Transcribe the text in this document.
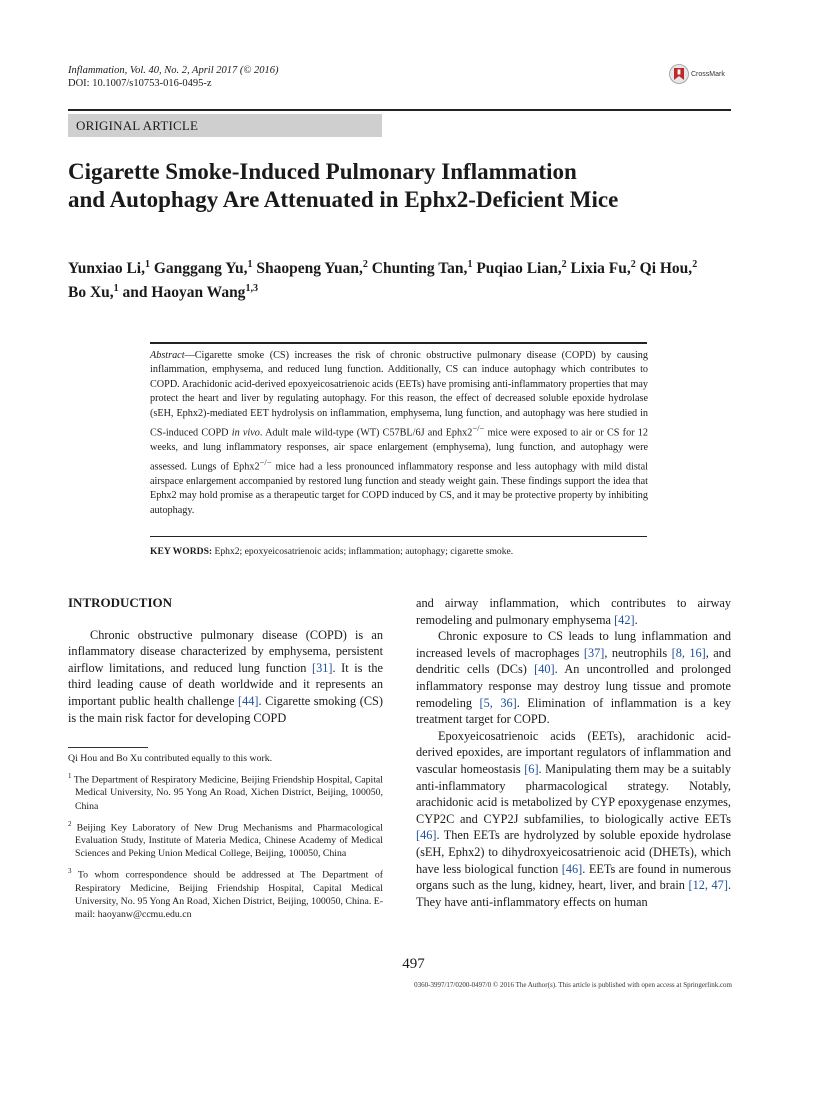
Inflammation, Vol. 40, No. 2, April 2017 (© 2016)
DOI: 10.1007/s10753-016-0495-z
CrossMark
ORIGINAL ARTICLE
Cigarette Smoke-Induced Pulmonary Inflammation
and Autophagy Are Attenuated in Ephx2-Deficient Mice
Yunxiao Li,$^1$ Ganggang Yu,$^1$ Shaopeng Yuan,$^2$ Chunting Tan,$^1$ Puqiao Lian,$^2$ Lixia Fu,$^2$ Qi Hou,$^2$
Bo Xu,$^1$ and Haoyan Wang$^{1,3}$
Abstract—Cigarette smoke (CS) increases the risk of chronic obstructive pulmonary disease (COPD) by causing inflammation, emphysema, and reduced lung function. Additionally, CS can induce autophagy which contributes to COPD. Arachidonic acid-derived epoxyeicosatrienoic acids (EETs) have promising anti-inflammatory properties that may protect the heart and liver by regulating autophagy. For this reason, the effect of decreased soluble epoxide hydrolase (sEH, Ephx2)-mediated EET hydrolysis on inflammation, emphysema, lung function, and autophagy was here studied in CS-induced COPD in vivo. Adult male wild-type (WT) C57BL/6J and Ephx2−/− mice were exposed to air or CS for 12 weeks, and lung inflammatory responses, air space enlargement (emphysema), lung function, and autophagy were assessed. Lungs of Ephx2−/− mice had a less pronounced inflammatory response and less autophagy with mild distal airspace enlargement accompanied by restored lung function and steady weight gain. These findings support the idea that Ephx2 may hold promise as a therapeutic target for COPD induced by CS, and it may be protective property by inhibiting autophagy.
KEY WORDS: Ephx2; epoxyeicosatrienoic acids; inflammation; autophagy; cigarette smoke.
INTRODUCTION

Chronic obstructive pulmonary disease (COPD) is an inflammatory disease characterized by emphysema, persistent airflow limitations, and reduced lung function [31]. It is the third leading cause of death worldwide and it represents an important public health challenge [44]. Cigarette smoking (CS) is the main risk factor for developing COPD

Qi Hou and Bo Xu contributed equally to this work.
$^1$ The Department of Respiratory Medicine, Beijing Friendship Hospital, Capital Medical University, No. 95 Yong An Road, Xichen District, Beijing, 100050, China
$^2$ Beijing Key Laboratory of New Drug Mechanisms and Pharmacological Evaluation Study, Institute of Materia Medica, Chinese Academy of Medical Sciences and Peking Union Medical College, Beijing, 100050, China
$^3$ To whom correspondence should be addressed at The Department of Respiratory Medicine, Beijing Friendship Hospital, Capital Medical University, No. 95 Yong An Road, Xichen District, Beijing, 100050, China. E-mail: haoyanw@ccmu.edu.cn

and airway inflammation, which contributes to airway remodeling and pulmonary emphysema [42].

Chronic exposure to CS leads to lung inflammation and increased levels of macrophages [37], neutrophils [8, 16], and dendritic cells (DCs) [40]. An uncontrolled and prolonged inflammatory response may destroy lung tissue and promote remodeling [5, 36]. Elimination of inflammation is a key treatment target for COPD.

Epoxyeicosatrienoic acids (EETs), arachidonic acid-derived epoxides, are important regulators of inflammation and vascular homeostasis [6]. Manipulating them may be a suitably anti-inflammatory pharmacological strategy. Notably, arachidonic acid is metabolized by CYP epoxygenase enzymes, CYP2C and CYP2J subfamilies, to biologically active EETs [46]. Then EETs are hydrolyzed by soluble epoxide hydrolase (sEH, Ephx2) to dihydroxyeicosatrienoic acid (DHETs), which have less biological function [46]. EETs are found in numerous organs such as the lung, kidney, heart, liver, and brain [12, 47]. They have anti-inflammatory effects on human

497
0360-3997/17/0200-0497/0 © 2016 The Author(s). This article is published with open access at Springerlink.com
